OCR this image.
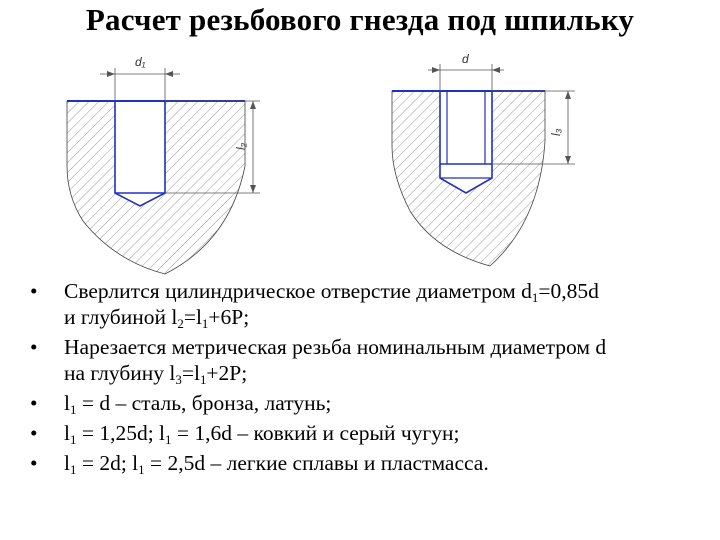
Расчет резьбового гнезда под шпильку
d₁
l₂
d
l₃
•	Сверлится цилиндрическое отверстие диаметром $d_1=0,85d$
и глубиной $l_2=l_1+6P$;
•	Нарезается метрическая резьба номинальным диаметром d
на глубину $l_3=l_1+2P$;
•	$l_1 = d$ – сталь, бронза, латунь;
•	$l_1 = 1,25d$; $l_1 = 1,6d$ – ковкий и серый чугун;
•	$l_1 = 2d$; $l_1 = 2,5d$ – легкие сплавы и пластмасса.
